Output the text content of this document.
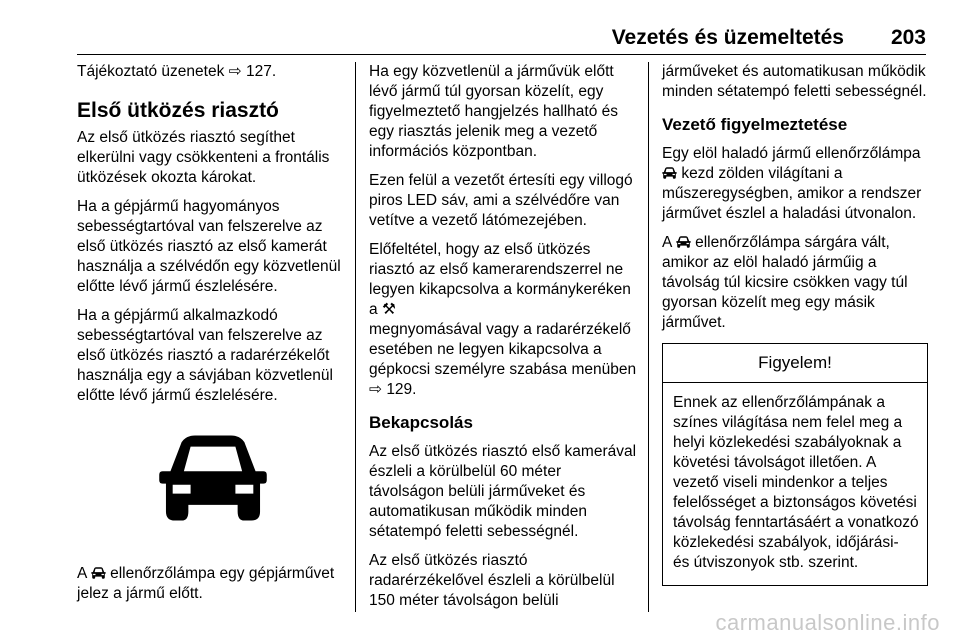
Vezetés és üzemeltetés 203

Tájékoztató üzenetek ⇨ 127.

Első ütközés riasztó

Az első ütközés riasztó segíthet elkerülni vagy csökkenteni a frontális ütközések okozta károkat.

Ha a gépjármű hagyományos sebességtartóval van felszerelve az első ütközés riasztó az első kamerát használja a szélvédőn egy közvetlenül előtte lévő jármű észlelésére.

Ha a gépjármű alkalmazkodó sebességtartóval van felszerelve az első ütközés riasztó a radarérzékelőt használja egy a sávjában közvetlenül előtte lévő jármű észlelésére.

A ellenőrzőlámpa egy gépjárművet jelez a jármű előtt.

Ha egy közvetlenül a járművük előtt lévő jármű túl gyorsan közelít, egy figyelmeztető hangjelzés hallható és egy riasztás jelenik meg a vezető információs központban.

Ezen felül a vezetőt értesíti egy villogó piros LED sáv, ami a szélvédőre van vetítve a vezető látómezejében.

Előfeltétel, hogy az első ütközés riasztó az első kamerarendszerrel ne legyen kikapcsolva a kormánykeréken a ⚒
megnyomásával vagy a radarérzékelő esetében ne legyen kikapcsolva a gépkocsi személyre szabása menüben ⇨ 129.

Bekapcsolás

Az első ütközés riasztó első kamerával észleli a körülbelül 60 méter távolságon belüli járműveket és automatikusan működik minden sétatempó feletti sebességnél.

Az első ütközés riasztó radarérzékelővel észleli a körülbelül 150 méter távolságon belüli

járműveket és automatikusan működik minden sétatempó feletti sebességnél.

Vezető figyelmeztetése

Egy elöl haladó jármű ellenőrzőlámpa  kezd zölden világítani a műszeregységben, amikor a rendszer járművet észlel a haladási útvonalon.

A ellenőrzőlámpa sárgára vált, amikor az elöl haladó járműig a távolság túl kicsire csökken vagy túl gyorsan közelít meg egy másik járművet.

Figyelem!
Ennek az ellenőrzőlámpának a színes világítása nem felel meg a helyi közlekedési szabályoknak a követési távolságot illetően. A vezető viseli mindenkor a teljes felelősséget a biztonságos követési távolság fenntartásáért a vonatkozó közlekedési szabályok, időjárási- és útviszonyok stb. szerint.
carmanualsonline.info
